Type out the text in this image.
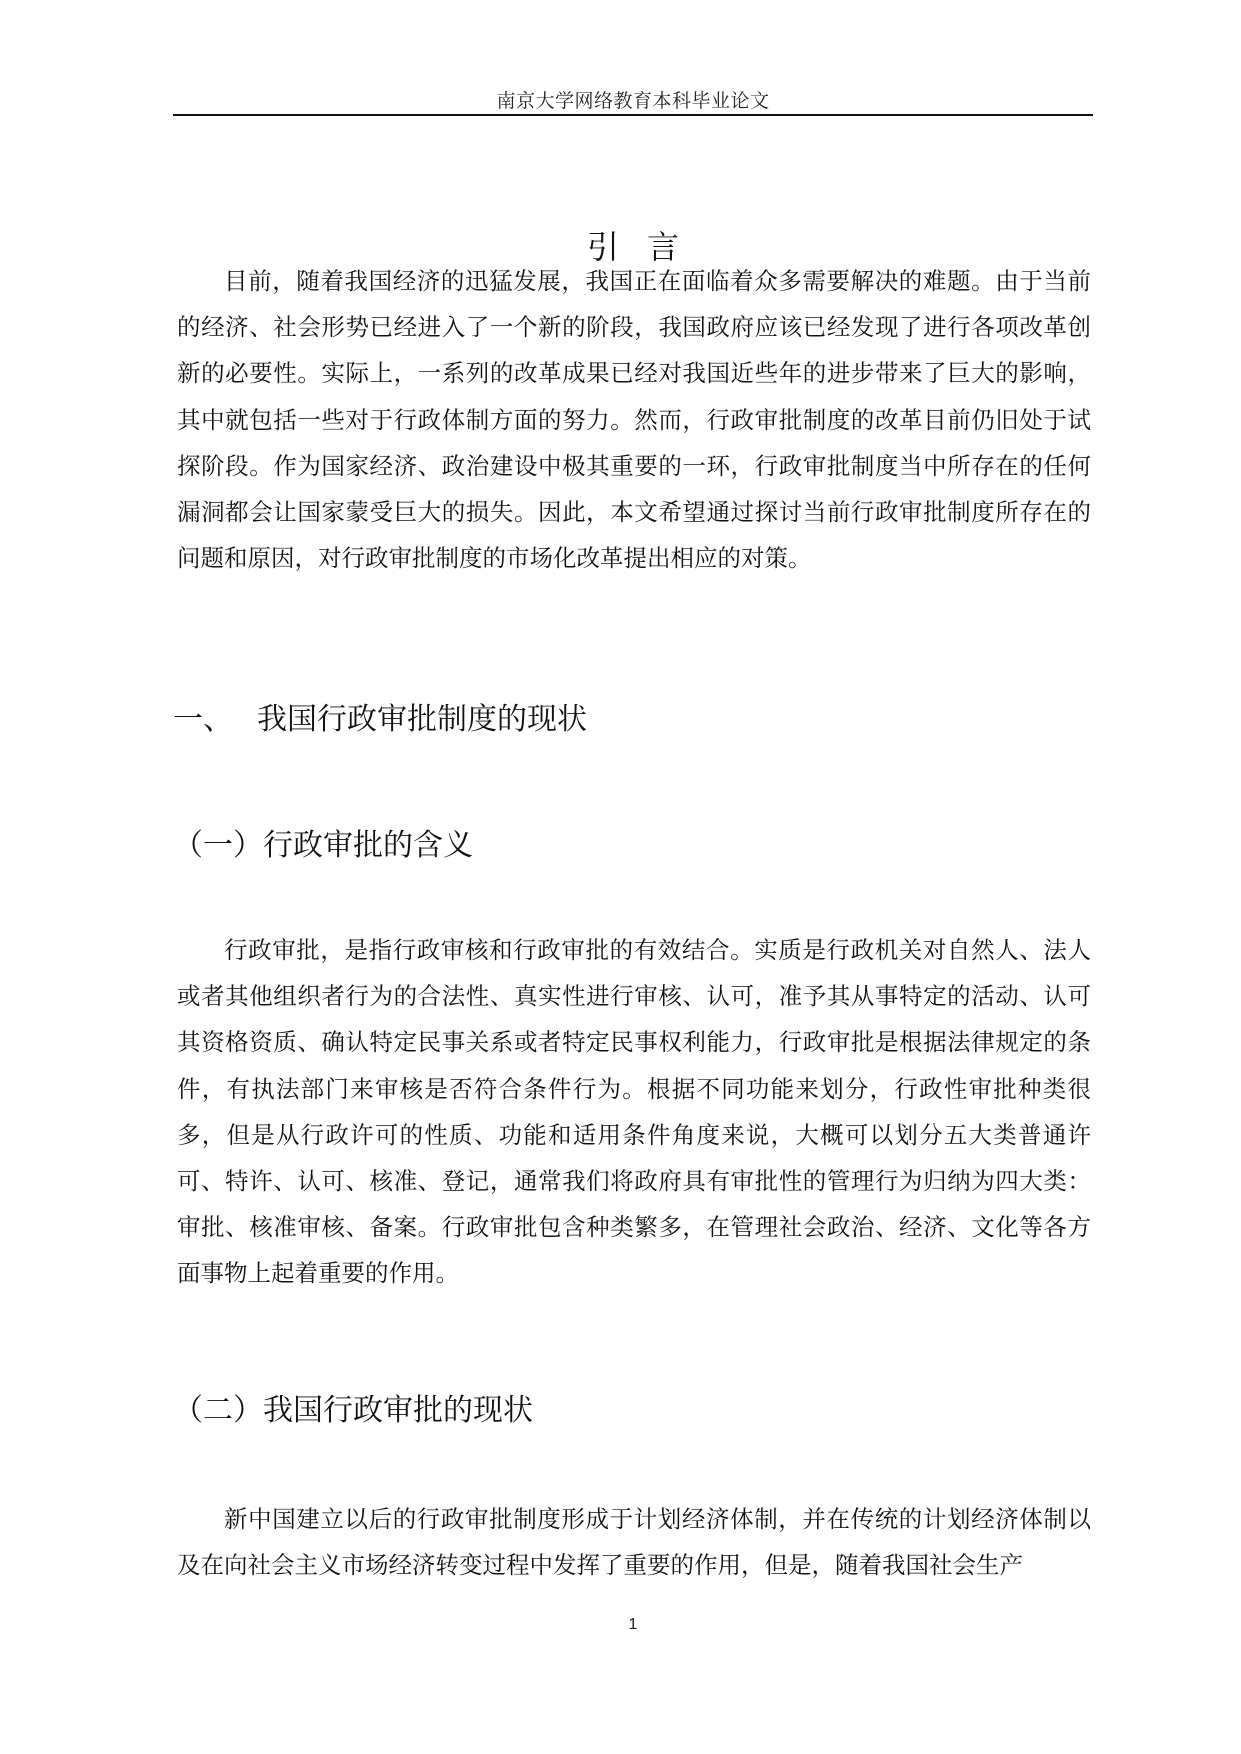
南京大学网络教育本科毕业论文
引言

目前，随着我国经济的迅猛发展，我国正在面临着众多需要解决的难题。由于当前的经济、社会形势已经进入了一个新的阶段，我国政府应该已经发现了进行各项改革创新的必要性。实际上，一系列的改革成果已经对我国近些年的进步带来了巨大的影响，其中就包括一些对于行政体制方面的努力。然而，行政审批制度的改革目前仍旧处于试探阶段。作为国家经济、政治建设中极其重要的一环，行政审批制度当中所存在的任何漏洞都会让国家蒙受巨大的损失。因此，本文希望通过探讨当前行政审批制度所存在的问题和原因，对行政审批制度的市场化改革提出相应的对策。

一、 我国行政审批制度的现状
（一）行政审批的含义

行政审批，是指行政审核和行政审批的有效结合。实质是行政机关对自然人、法人或者其他组织者行为的合法性、真实性进行审核、认可，准予其从事特定的活动、认可其资格资质、确认特定民事关系或者特定民事权利能力，行政审批是根据法律规定的条件，有执法部门来审核是否符合条件行为。根据不同功能来划分，行政性审批种类很多，但是从行政许可的性质、功能和适用条件角度来说，大概可以划分五大类普通许可、特许、认可、核准、登记，通常我们将政府具有审批性的管理行为归纳为四大类：审批、核准审核、备案。行政审批包含种类繁多，在管理社会政治、经济、文化等各方面事物上起着重要的作用。

（二）我国行政审批的现状

新中国建立以后的行政审批制度形成于计划经济体制，并在传统的计划经济体制以及在向社会主义市场经济转变过程中发挥了重要的作用，但是，随着我国社会生产

1
